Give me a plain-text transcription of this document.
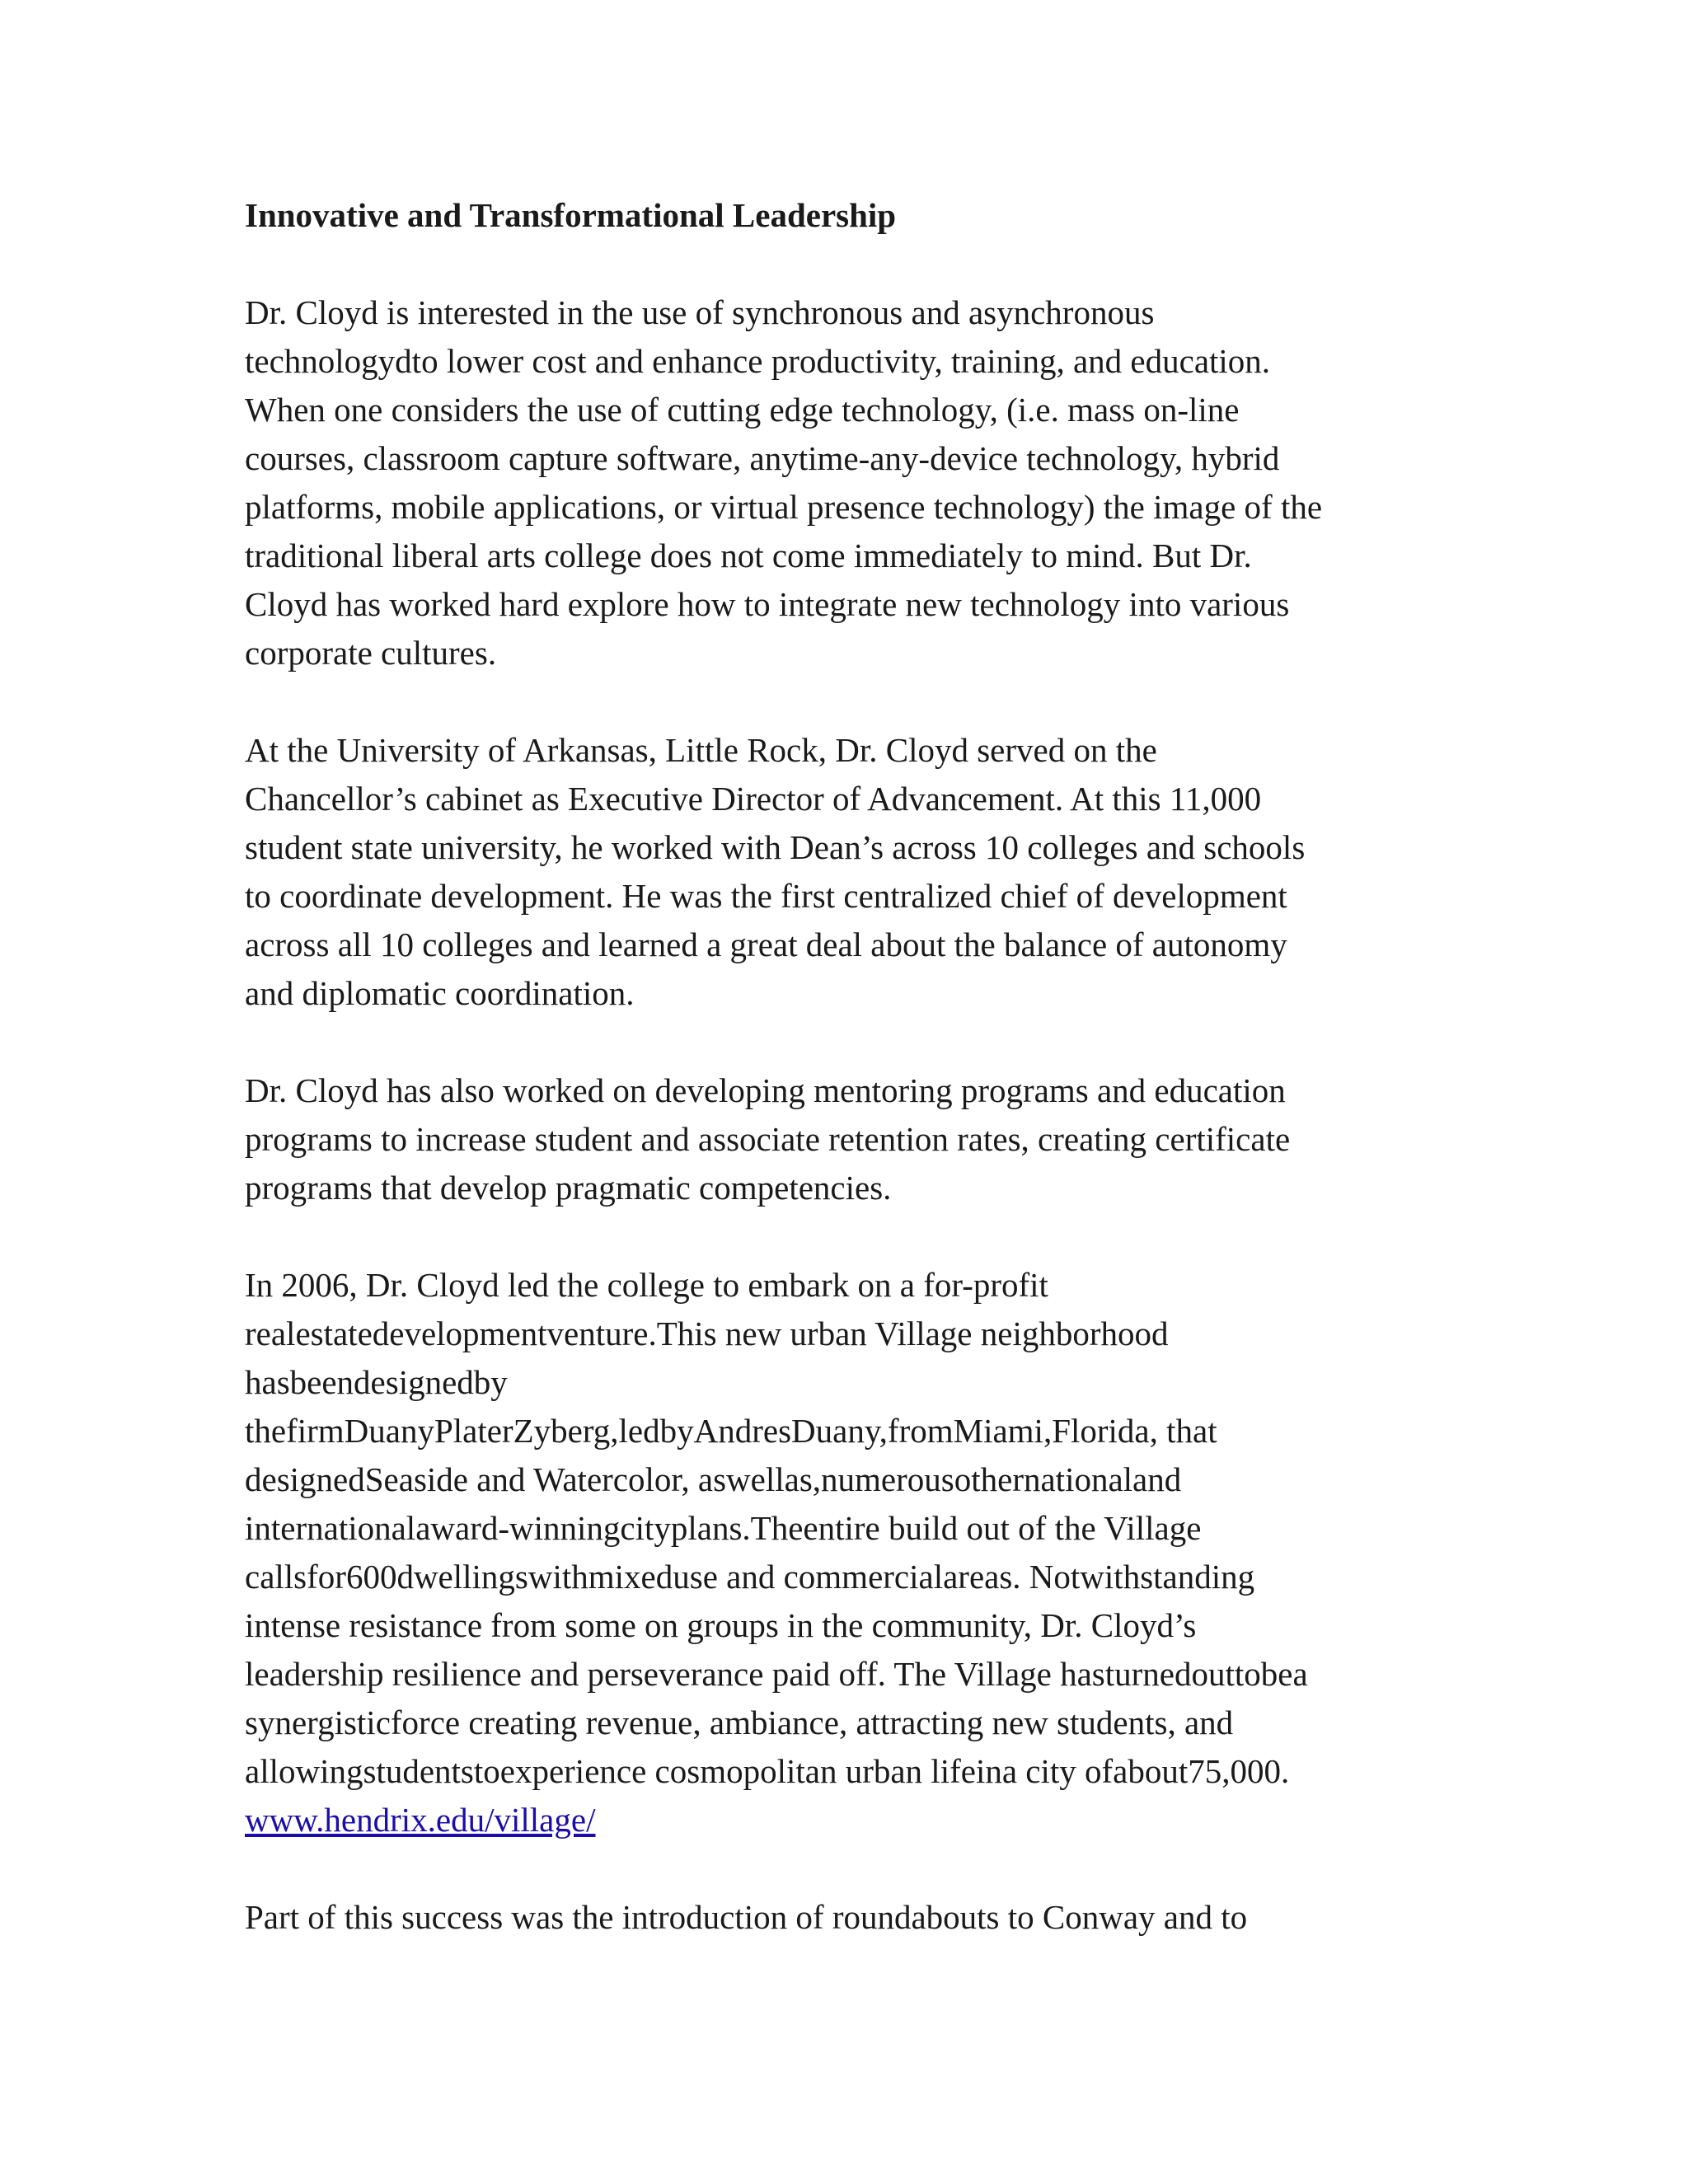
Innovative and Transformational Leadership
Dr. Cloyd is interested in the use of synchronous and asynchronous
technologydto lower cost and enhance productivity, training, and education.
When one considers the use of cutting edge technology, (i.e. mass on-line
courses, classroom capture software, anytime-any-device technology, hybrid
platforms, mobile applications, or virtual presence technology) the image of the
traditional liberal arts college does not come immediately to mind. But Dr.
Cloyd has worked hard explore how to integrate new technology into various
corporate cultures.
At the University of Arkansas, Little Rock, Dr. Cloyd served on the
Chancellor’s cabinet as Executive Director of Advancement. At this 11,000
student state university, he worked with Dean’s across 10 colleges and schools
to coordinate development. He was the first centralized chief of development
across all 10 colleges and learned a great deal about the balance of autonomy
and diplomatic coordination.
Dr. Cloyd has also worked on developing mentoring programs and education
programs to increase student and associate retention rates, creating certificate
programs that develop pragmatic competencies.
In 2006, Dr. Cloyd led the college to embark on a for-profit
realestatedevelopmentventure.This new urban Village neighborhood
hasbeendesignedby
thefirmDuanyPlaterZyberg,ledbyAndresDuany,fromMiami,Florida, that
designedSeaside and Watercolor, aswellas,numerousothernationaland
internationalaward-winningcityplans.Theentire build out of the Village
callsfor600dwellingswithmixeduse and commercialareas. Notwithstanding
intense resistance from some on groups in the community, Dr. Cloyd’s
leadership resilience and perseverance paid off. The Village hasturnedouttobea
synergisticforce creating revenue, ambiance, attracting new students, and
allowingstudentstoexperience cosmopolitan urban lifeina city ofabout75,000.
www.hendrix.edu/village/
Part of this success was the introduction of roundabouts to Conway and to
